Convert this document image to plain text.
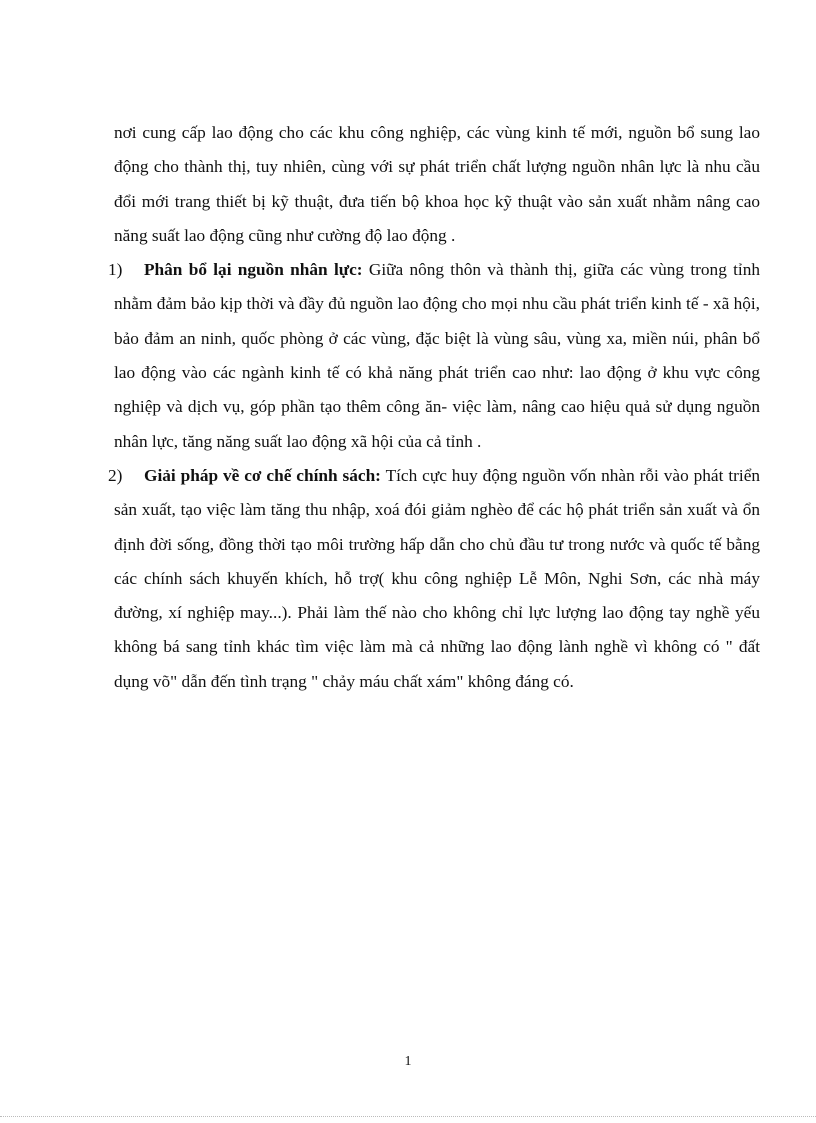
nơi cung cấp lao động cho các khu công nghiệp, các vùng kinh tế mới, nguồn bổ sung lao động cho thành thị, tuy nhiên, cùng với sự phát triển chất lượng nguồn nhân lực là nhu cầu đổi mới trang thiết bị kỹ thuật, đưa tiến bộ khoa học kỹ thuật vào sản xuất nhằm nâng cao năng suất lao động cũng như cường độ lao động .

1)	Phân bổ lại nguồn nhân lực: Giữa nông thôn và thành thị, giữa các vùng trong tỉnh nhằm đảm bảo kịp thời và đầy đủ nguồn lao động cho mọi nhu cầu phát triển kinh tế - xã hội, bảo đảm an ninh, quốc phòng ở các vùng, đặc biệt là vùng sâu, vùng xa, miền núi, phân bổ lao động vào các ngành kinh tế có khả năng phát triển cao như: lao động ở khu vực công nghiệp và dịch vụ, góp phần tạo thêm công ăn- việc làm, nâng cao hiệu quả sử dụng nguồn nhân lực, tăng năng suất lao động xã hội của cả tỉnh .
2)	Giải pháp về cơ chế chính sách: Tích cực huy động nguồn vốn nhàn rỗi vào phát triển sản xuất, tạo việc làm tăng thu nhập, xoá đói giảm nghèo để các hộ phát triển sản xuất và ổn định đời sống, đồng thời tạo môi trường hấp dẫn cho chủ đầu tư trong nước và quốc tế bằng các chính sách khuyến khích, hỗ trợ( khu công nghiệp Lễ Môn, Nghi Sơn, các nhà máy đường, xí nghiệp may...). Phải làm thế nào cho không chỉ lực lượng lao động tay nghề yếu không bá sang tỉnh khác tìm việc làm mà cả những lao động lành nghề vì không có " đất dụng võ" dẫn đến tình trạng " chảy máu chất xám" không đáng có.
1
